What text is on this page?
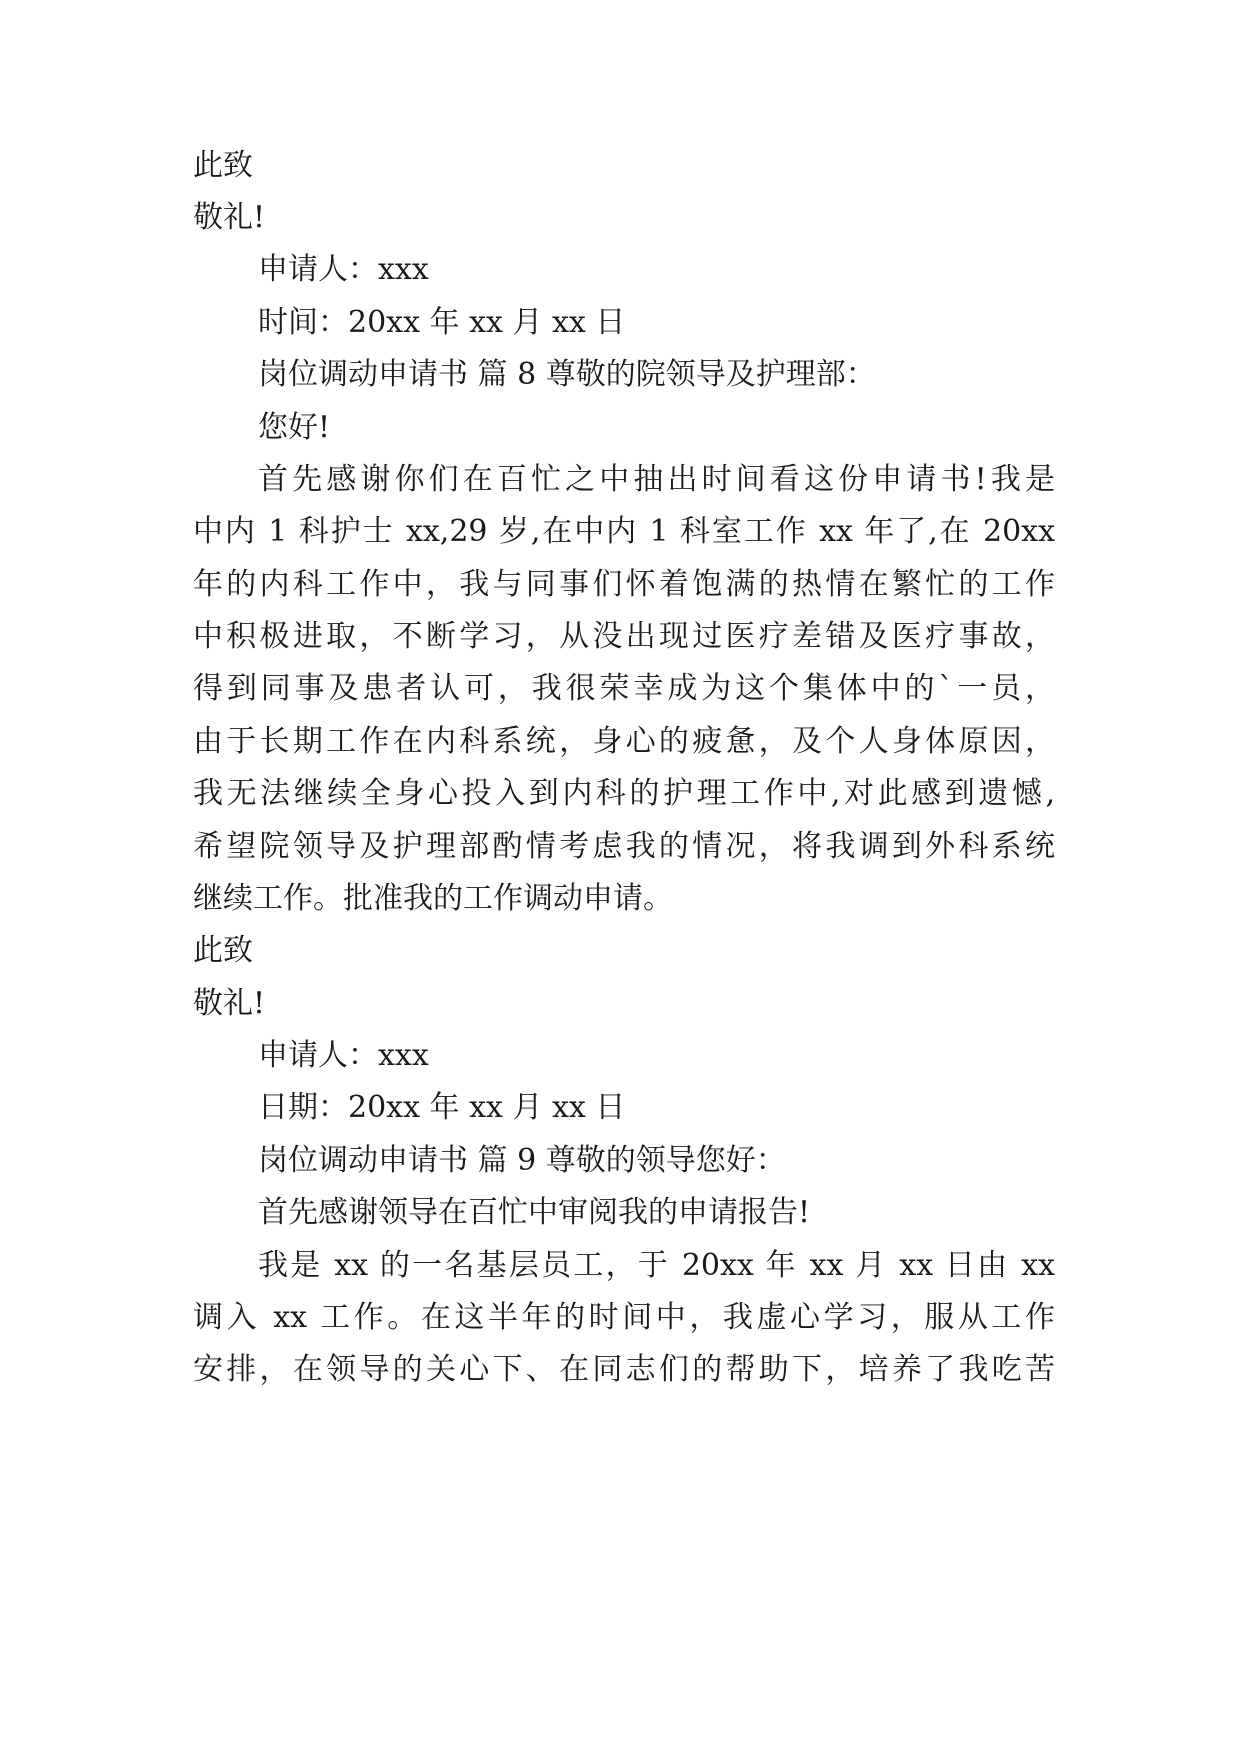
此致
敬礼!
申请人：xxx
时间：20xx 年 xx 月 xx 日
岗位调动申请书 篇 8 尊敬的院领导及护理部：
您好!
首先感谢你们在百忙之中抽出时间看这份申请书!我是
中内 1 科护士 xx,29 岁,在中内 1 科室工作 xx 年了,在 20xx
年的内科工作中，我与同事们怀着饱满的热情在繁忙的工作
中积极进取，不断学习，从没出现过医疗差错及医疗事故，
得到同事及患者认可，我很荣幸成为这个集体中的`一员，
由于长期工作在内科系统，身心的疲惫，及个人身体原因，
我无法继续全身心投入到内科的护理工作中,对此感到遗憾,
希望院领导及护理部酌情考虑我的情况，将我调到外科系统
继续工作。批准我的工作调动申请。
此致
敬礼!
申请人：xxx
日期：20xx 年 xx 月 xx 日
岗位调动申请书 篇 9 尊敬的领导您好：
首先感谢领导在百忙中审阅我的申请报告!
我是 xx 的一名基层员工，于 20xx 年 xx 月 xx 日由 xx
调入 xx 工作。在这半年的时间中，我虚心学习，服从工作
安排，在领导的关心下、在同志们的帮助下，培养了我吃苦
